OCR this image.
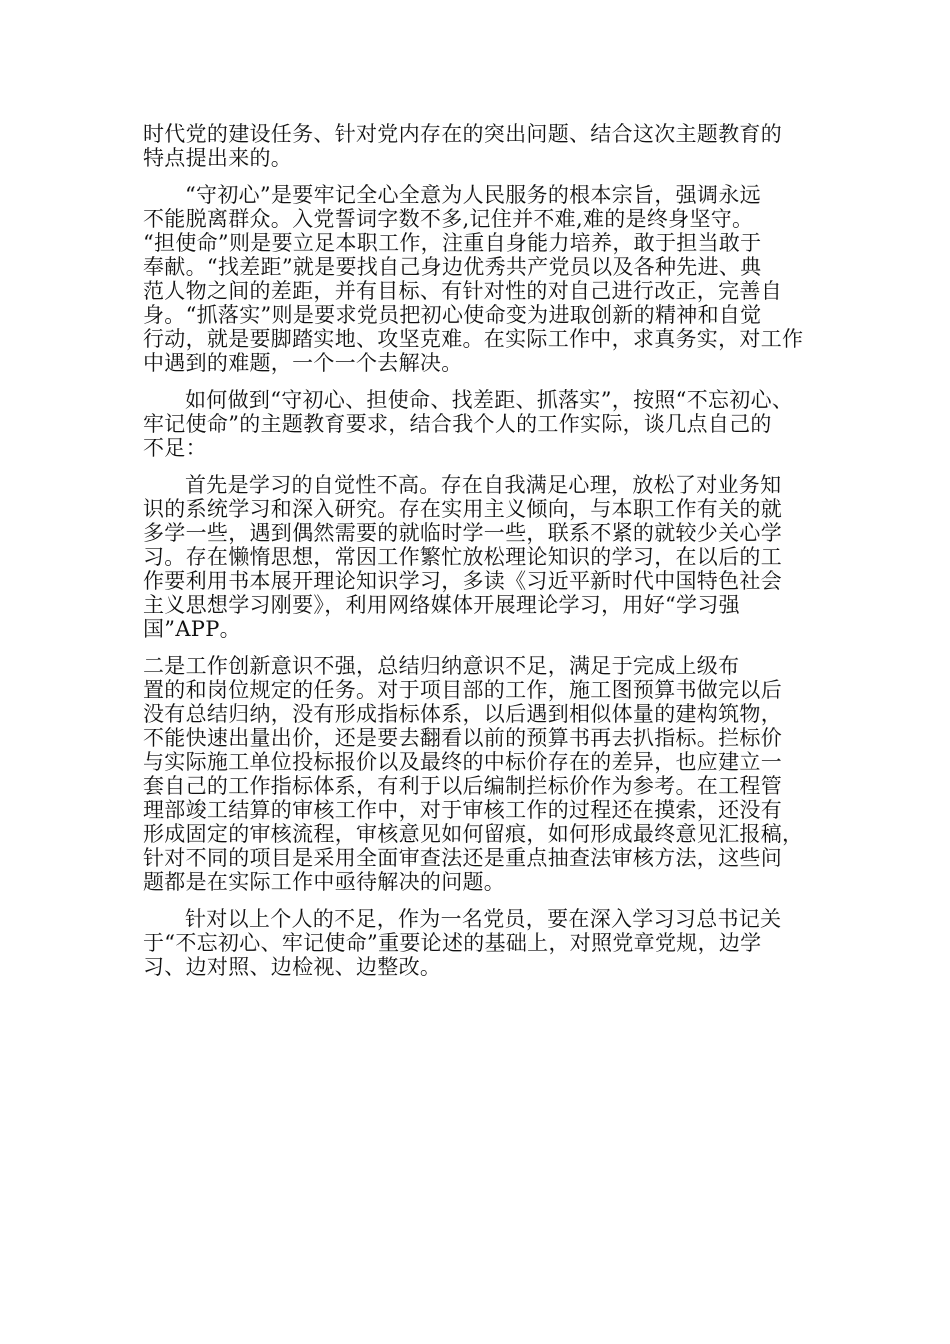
时代党的建设任务、针对党内存在的突出问题、结合这次主题教育的
特点提出来的。

“守初心”是要牢记全心全意为人民服务的根本宗旨，强调永远
不能脱离群众。入党誓词字数不多,记住并不难,难的是终身坚守。
“担使命”则是要立足本职工作，注重自身能力培养，敢于担当敢于
奉献。“找差距”就是要找自己身边优秀共产党员以及各种先进、典
范人物之间的差距，并有目标、有针对性的对自己进行改正，完善自
身。“抓落实”则是要求党员把初心使命变为进取创新的精神和自觉
行动，就是要脚踏实地、攻坚克难。在实际工作中，求真务实，对工作
中遇到的难题，一个一个去解决。

如何做到“守初心、担使命、找差距、抓落实”，按照“不忘初心、
牢记使命”的主题教育要求，结合我个人的工作实际，谈几点自己的
不足：

首先是学习的自觉性不高。存在自我满足心理，放松了对业务知
识的系统学习和深入研究。存在实用主义倾向，与本职工作有关的就
多学一些，遇到偶然需要的就临时学一些，联系不紧的就较少关心学
习。存在懒惰思想，常因工作繁忙放松理论知识的学习，在以后的工
作要利用书本展开理论知识学习，多读《习近平新时代中国特色社会
主义思想学习刚要》，利用网络媒体开展理论学习，用好“学习强
国”APP。

二是工作创新意识不强，总结归纳意识不足，满足于完成上级布
置的和岗位规定的任务。对于项目部的工作，施工图预算书做完以后
没有总结归纳，没有形成指标体系，以后遇到相似体量的建构筑物，
不能快速出量出价，还是要去翻看以前的预算书再去扒指标。拦标价
与实际施工单位投标报价以及最终的中标价存在的差异，也应建立一
套自己的工作指标体系，有利于以后编制拦标价作为参考。在工程管
理部竣工结算的审核工作中，对于审核工作的过程还在摸索，还没有
形成固定的审核流程，审核意见如何留痕，如何形成最终意见汇报稿，
针对不同的项目是采用全面审查法还是重点抽查法审核方法，这些问
题都是在实际工作中亟待解决的问题。

针对以上个人的不足，作为一名党员，要在深入学习习总书记关
于“不忘初心、牢记使命”重要论述的基础上，对照党章党规，边学
习、边对照、边检视、边整改。
